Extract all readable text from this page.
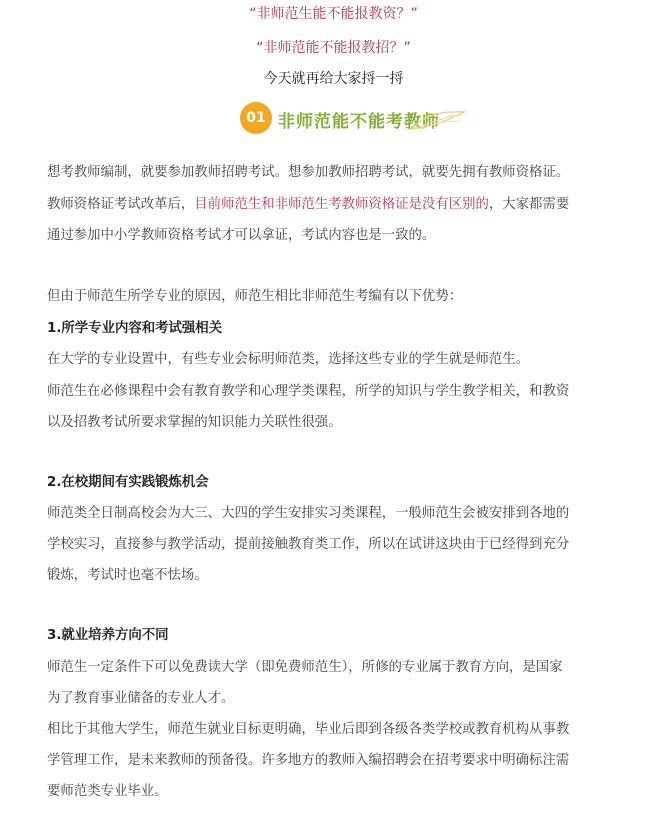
“非师范生能不能报教资？”
“非师范能不能报教招？”
今天就再给大家捋一捋
01 非师范能不能考教师
想考教师编制，就要参加教师招聘考试。想参加教师招聘考试，就要先拥有教师资格证。
教师资格证考试改革后，目前师范生和非师范生考教师资格证是没有区别的，大家都需要
通过参加中小学教师资格考试才可以拿证，考试内容也是一致的。
但由于师范生所学专业的原因，师范生相比非师范生考编有以下优势：
1.所学专业内容和考试强相关
在大学的专业设置中，有些专业会标明师范类，选择这些专业的学生就是师范生。
师范生在必修课程中会有教育教学和心理学类课程，所学的知识与学生教学相关，和教资
以及招教考试所要求掌握的知识能力关联性很强。
2.在校期间有实践锻炼机会
师范类全日制高校会为大三、大四的学生安排实习类课程，一般师范生会被安排到各地的
学校实习，直接参与教学活动，提前接触教育类工作，所以在试讲这块由于已经得到充分
锻炼，考试时也毫不怯场。
3.就业培养方向不同
师范生一定条件下可以免费读大学（即免费师范生），所修的专业属于教育方向，是国家
为了教育事业储备的专业人才。
相比于其他大学生，师范生就业目标更明确，毕业后即到各级各类学校或教育机构从事教
学管理工作，是未来教师的预备役。许多地方的教师入编招聘会在招考要求中明确标注需
要师范类专业毕业。
